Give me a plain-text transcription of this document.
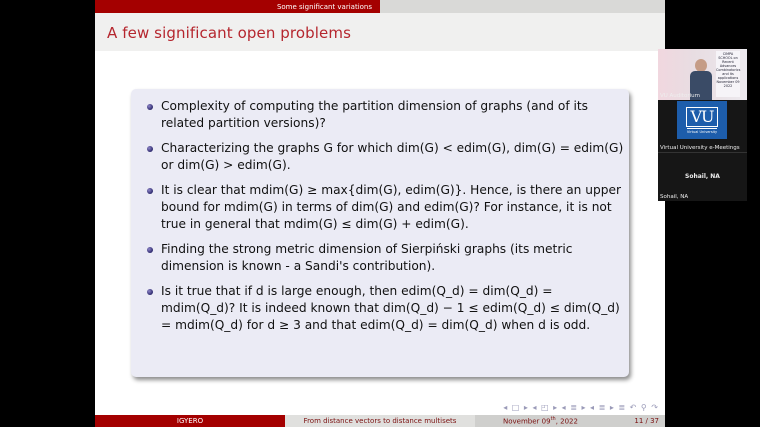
Some significant variations
A few significant open problems
Complexity of computing the partition dimension of graphs (and of its related partition versions)?
Characterizing the graphs G for which dim(G) < edim(G), dim(G) = edim(G) or dim(G) > edim(G).
It is clear that mdim(G) ≥ max{dim(G), edim(G)}. Hence, is there an upper bound for mdim(G) in terms of dim(G) and edim(G)? For instance, it is not true in general that mdim(G) ≤ dim(G) + edim(G).
Finding the strong metric dimension of Sierpiński graphs (its metric dimension is known - a Sandi's contribution).
Is it true that if d is large enough, then edim(Q_d) = dim(Q_d) = mdim(Q_d)? It is indeed known that dim(Q_d) − 1 ≤ edim(Q_d) ≤ dim(Q_d) = mdim(Q_d) for d ≥ 3 and that edim(Q_d) = dim(Q_d) when d is odd.
◂ □ ▸ ◂ ◰ ▸ ◂ ≣ ▸ ◂ ≣ ▸ ≣ ↶ ⚲ ↷
IGYERO	From distance vectors to distance multisets	November 09th, 2022	11 / 37
CIMPA SCHOOL on Recent Advances Combinatorics and its applications November 09 2022
VU Auditorium
VU
Virtual University
Virtual University e-Meetings
Sohail, NA
Sohail, NA
